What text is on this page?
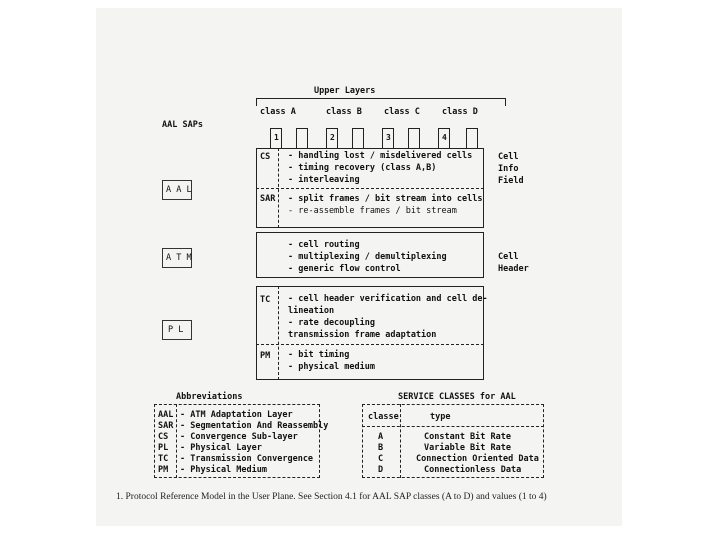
Upper Layers
class A	class B	class C	class D
AAL SAPs
1	2	3	4
CS - handling lost / misdelivered cells
- timing recovery (class A,B)
- interleaving
SAR - split frames / bit stream into cells
- re-assemble frames / bit stream
Cell
Info
Field
A A L
- cell routing
- multiplexing / demultiplexing
- generic flow control
Cell
Header
A T M
TC - cell header verification and cell de-
lineation
- rate decoupling
transmission frame adaptation
PM - bit timing
- physical medium
P L
Abbreviations
AAL - ATM Adaptation Layer
SAR - Segmentation And Reassembly
CS - Convergence Sub-layer
PL - Physical Layer
TC - Transmission Convergence
PM - Physical Medium
SERVICE CLASSES for AAL
classe	type
A	Constant Bit Rate
B	Variable Bit Rate
C	Connection Oriented Data
D	Connectionless Data
1. Protocol Reference Model in the User Plane. See Section 4.1 for AAL SAP classes (A to D) and values (1 to 4)
